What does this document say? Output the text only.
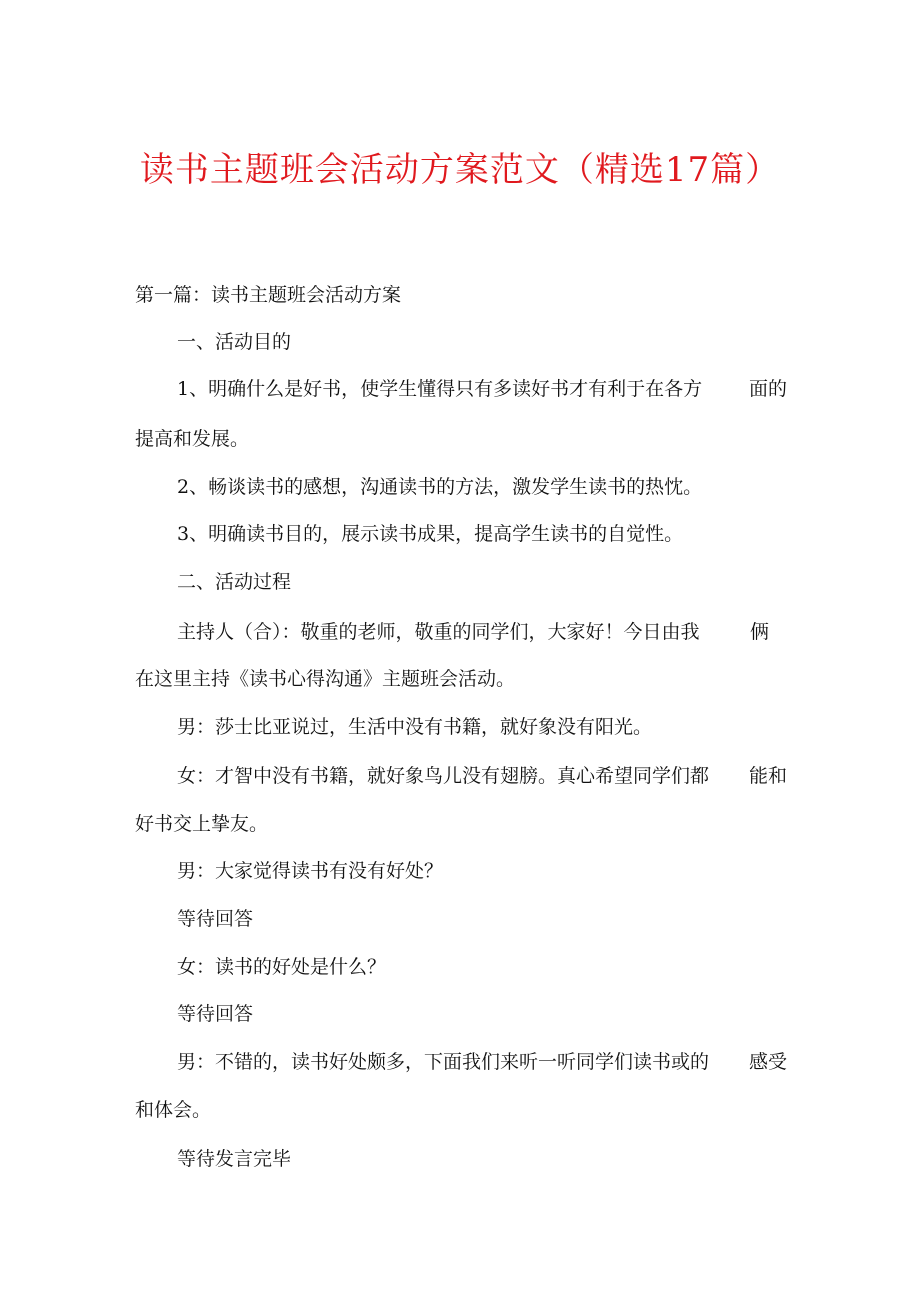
读书主题班会活动方案范文（精选17篇）
第一篇：读书主题班会活动方案
一、活动目的
1、明确什么是好书，使学生懂得只有多读好书才有利于在各方 面的
提高和发展。
2、畅谈读书的感想，沟通读书的方法，激发学生读书的热忱。
3、明确读书目的，展示读书成果，提高学生读书的自觉性。
二、活动过程
主持人（合）：敬重的老师，敬重的同学们，大家好！今日由我	俩
在这里主持《读书心得沟通》主题班会活动。
男：莎士比亚说过，生活中没有书籍，就好象没有阳光。
女：才智中没有书籍，就好象鸟儿没有翅膀。真心希望同学们都 能和
好书交上挚友。
男：大家觉得读书有没有好处？
等待回答
女：读书的好处是什么？
等待回答
男：不错的，读书好处颇多，下面我们来听一听同学们读书或的 感受
和体会。
等待发言完毕
